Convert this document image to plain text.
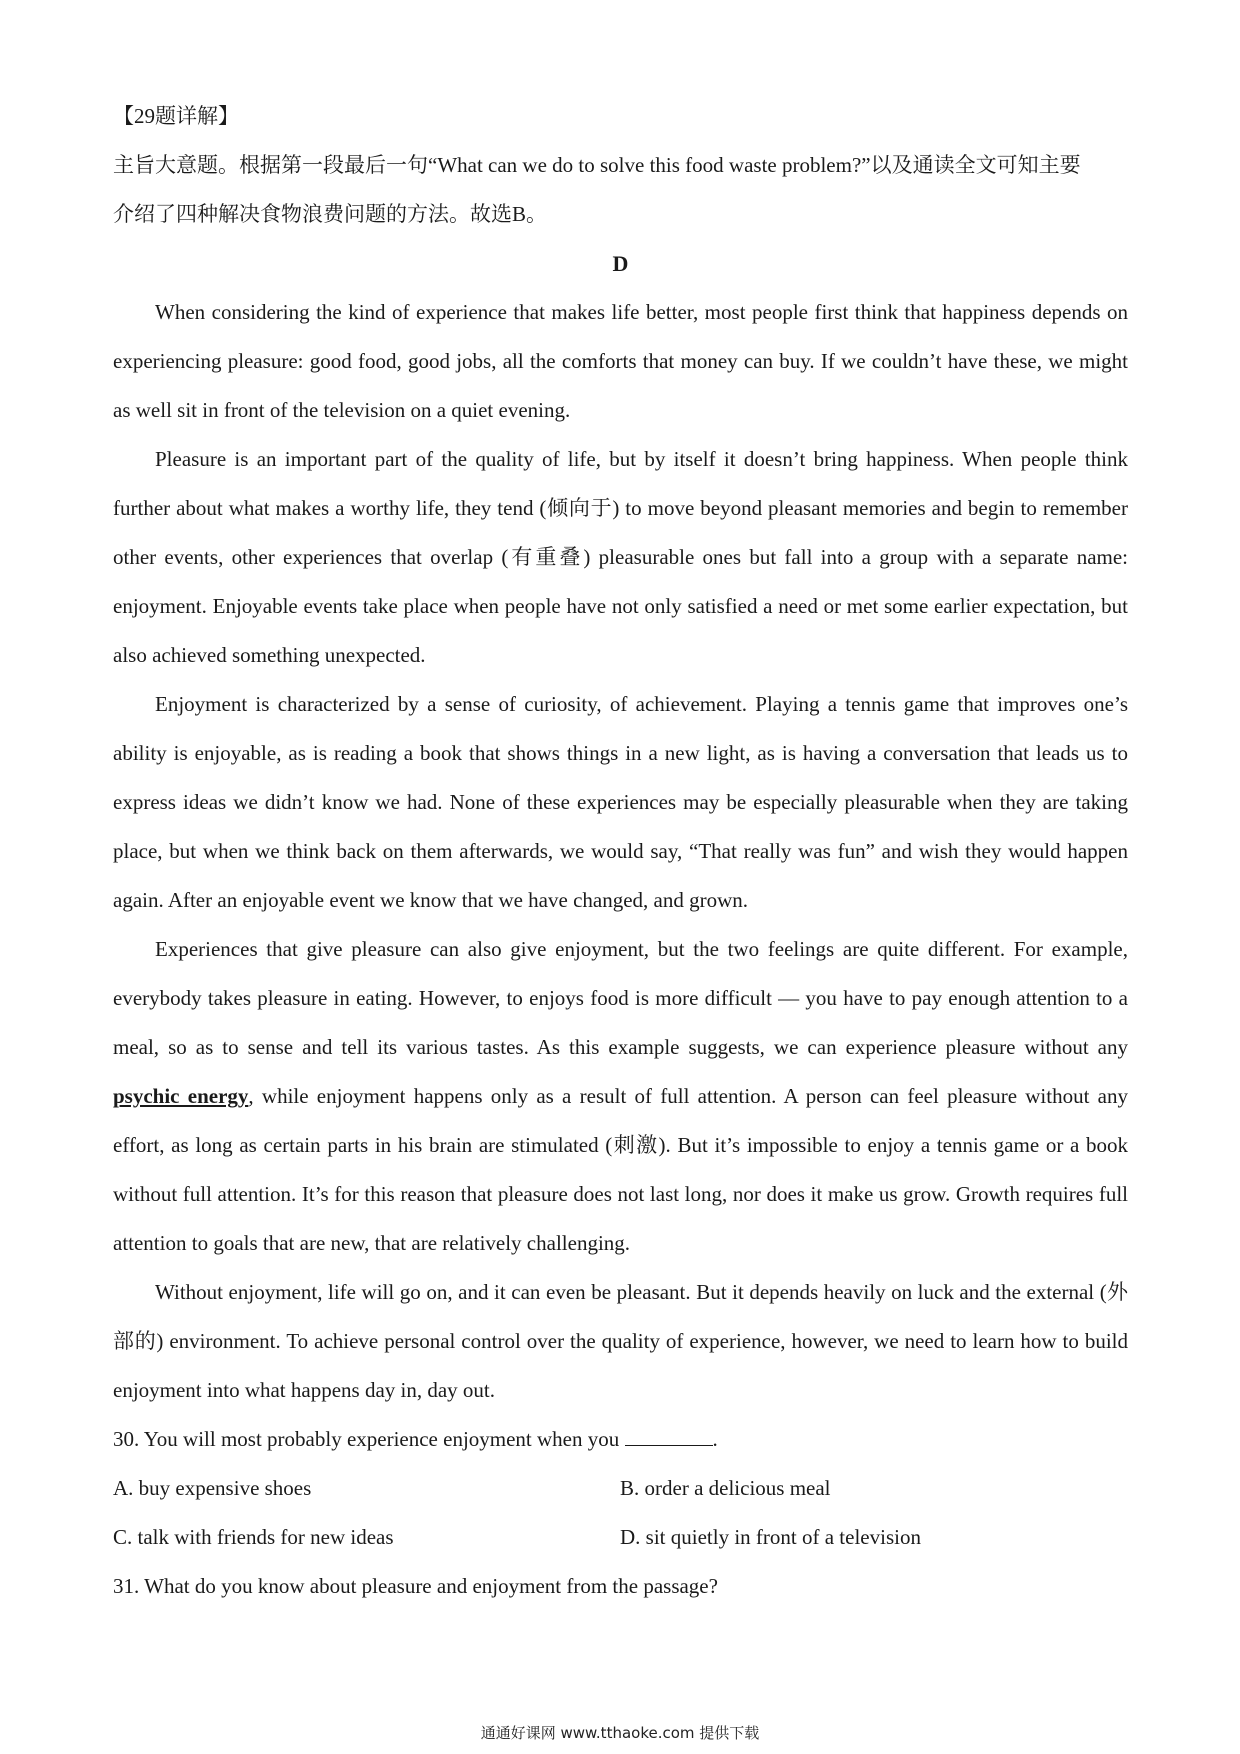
【29题详解】
主旨大意题。根据第一段最后一句“What can we do to solve this food waste problem?”以及通读全文可知主要
介绍了四种解决食物浪费问题的方法。故选B。
D

When considering the kind of experience that makes life better, most people first think that happiness depends on experiencing pleasure: good food, good jobs, all the comforts that money can buy. If we couldn’t have these, we might as well sit in front of the television on a quiet evening.

Pleasure is an important part of the quality of life, but by itself it doesn’t bring happiness. When people think further about what makes a worthy life, they tend (倾向于) to move beyond pleasant memories and begin to remember other events, other experiences that overlap (有重叠) pleasurable ones but fall into a group with a separate name: enjoyment. Enjoyable events take place when people have not only satisfied a need or met some earlier expectation, but also achieved something unexpected.

Enjoyment is characterized by a sense of curiosity, of achievement. Playing a tennis game that improves one’s ability is enjoyable, as is reading a book that shows things in a new light, as is having a conversation that leads us to express ideas we didn’t know we had. None of these experiences may be especially pleasurable when they are taking place, but when we think back on them afterwards, we would say, “That really was fun” and wish they would happen again. After an enjoyable event we know that we have changed, and grown.

Experiences that give pleasure can also give enjoyment, but the two feelings are quite different. For example, everybody takes pleasure in eating. However, to enjoys food is more difficult — you have to pay enough attention to a meal, so as to sense and tell its various tastes. As this example suggests, we can experience pleasure without any psychic energy, while enjoyment happens only as a result of full attention. A person can feel pleasure without any effort, as long as certain parts in his brain are stimulated (刺激). But it’s impossible to enjoy a tennis game or a book without full attention. It’s for this reason that pleasure does not last long, nor does it make us grow. Growth requires full attention to goals that are new, that are relatively challenging.

Without enjoyment, life will go on, and it can even be pleasant. But it depends heavily on luck and the external (外部的) environment. To achieve personal control over the quality of experience, however, we need to learn how to build enjoyment into what happens day in, day out.

30. You will most probably experience enjoyment when you	.
A. buy expensive shoes	B. order a delicious meal
C. talk with friends for new ideas	D. sit quietly in front of a television
31. What do you know about pleasure and enjoyment from the passage?
通通好课网 www.tthaoke.com 提供下载
